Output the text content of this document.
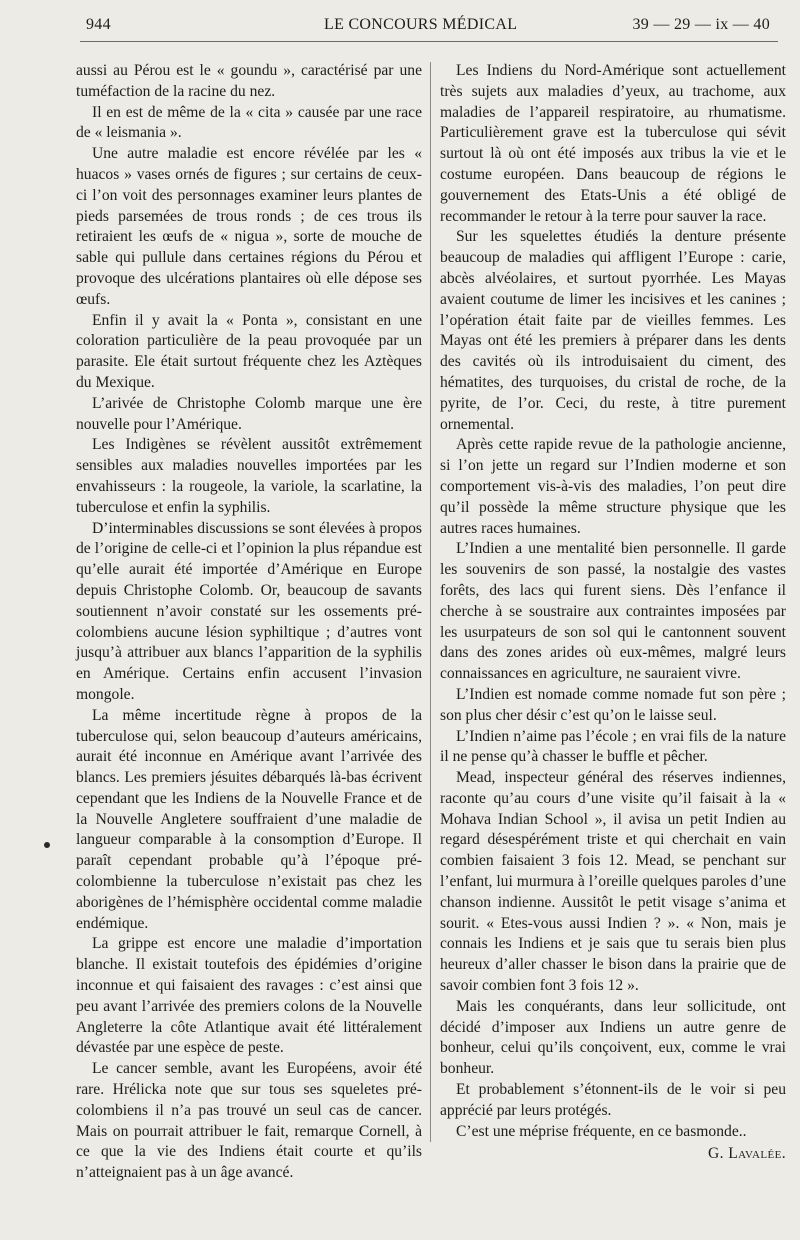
944	LE CONCOURS MÉDICAL	39 — 29 — ix — 40

aussi au Pérou est le « goundu », caractérisé par une tuméfaction de la racine du nez.

Il en est de même de la « cita » causée par une race de « leismania ».

Une autre maladie est encore révélée par les « huacos » vases ornés de figures ; sur certains de ceux-ci l’on voit des personnages examiner leurs plantes de pieds parsemées de trous ronds ; de ces trous ils retiraient les œufs de « nigua », sorte de mouche de sable qui pullule dans certaines régions du Pérou et provoque des ulcérations plantaires où elle dépose ses œufs.

Enfin il y avait la « Ponta », consistant en une coloration particulière de la peau provoquée par un parasite. Ele était surtout fréquente chez les Aztèques du Mexique.

L’arivée de Christophe Colomb marque une ère nouvelle pour l’Amérique.

Les Indigènes se révèlent aussitôt extrêmement sensibles aux maladies nouvelles importées par les envahisseurs : la rougeole, la variole, la scarlatine, la tuberculose et enfin la syphilis.

D’interminables discussions se sont élevées à propos de l’origine de celle-ci et l’opinion la plus répandue est qu’elle aurait été importée d’Amérique en Europe depuis Christophe Colomb. Or, beaucoup de savants soutiennent n’avoir constaté sur les ossements pré-colombiens aucune lésion syphiltique ; d’autres vont jusqu’à attribuer aux blancs l’apparition de la syphilis en Amérique. Certains enfin accusent l’invasion mongole.

La même incertitude règne à propos de la tuberculose qui, selon beaucoup d’auteurs américains, aurait été inconnue en Amérique avant l’arrivée des blancs. Les premiers jésuites débarqués là-bas écrivent cependant que les Indiens de la Nouvelle France et de la Nouvelle Angletere souffraient d’une maladie de langueur comparable à la consomption d’Europe. Il paraît cependant probable qu’à l’époque pré-colombienne la tuberculose n’existait pas chez les aborigènes de l’hémisphère occidental comme maladie endémique.

La grippe est encore une maladie d’importation blanche. Il existait toutefois des épidémies d’origine inconnue et qui faisaient des ravages : c’est ainsi que peu avant l’arrivée des premiers colons de la Nouvelle Angleterre la côte Atlantique avait été littéralement dévastée par une espèce de peste.

Le cancer semble, avant les Européens, avoir été rare. Hrélicka note que sur tous ses squeletes pré-colombiens il n’a pas trouvé un seul cas de cancer. Mais on pourrait attribuer le fait, remarque Cornell, à ce que la vie des Indiens était courte et qu’ils n’atteignaient pas à un âge avancé.

Les Indiens du Nord-Amérique sont actuellement très sujets aux maladies d’yeux, au trachome, aux maladies de l’appareil respiratoire, au rhumatisme. Particulièrement grave est la tuberculose qui sévit surtout là où ont été imposés aux tribus la vie et le costume européen. Dans beaucoup de régions le gouvernement des Etats-Unis a été obligé de recommander le retour à la terre pour sauver la race.

Sur les squelettes étudiés la denture présente beaucoup de maladies qui affligent l’Europe : carie, abcès alvéolaires, et surtout pyorrhée. Les Mayas avaient coutume de limer les incisives et les canines ; l’opération était faite par de vieilles femmes. Les Mayas ont été les premiers à préparer dans les dents des cavités où ils introduisaient du ciment, des hématites, des turquoises, du cristal de roche, de la pyrite, de l’or. Ceci, du reste, à titre purement ornemental.

Après cette rapide revue de la pathologie ancienne, si l’on jette un regard sur l’Indien moderne et son comportement vis-à-vis des maladies, l’on peut dire qu’il possède la même structure physique que les autres races humaines.

L’Indien a une mentalité bien personnelle. Il garde les souvenirs de son passé, la nostalgie des vastes forêts, des lacs qui furent siens. Dès l’enfance il cherche à se soustraire aux contraintes imposées par les usurpateurs de son sol qui le cantonnent souvent dans des zones arides où eux-mêmes, malgré leurs connaissances en agriculture, ne sauraient vivre.

L’Indien est nomade comme nomade fut son père ; son plus cher désir c’est qu’on le laisse seul.

L’Indien n’aime pas l’école ; en vrai fils de la nature il ne pense qu’à chasser le buffle et pêcher.

Mead, inspecteur général des réserves indiennes, raconte qu’au cours d’une visite qu’il faisait à la « Mohava Indian School », il avisa un petit Indien au regard désespérément triste et qui cherchait en vain combien faisaient 3 fois 12. Mead, se penchant sur l’enfant, lui murmura à l’oreille quelques paroles d’une chanson indienne. Aussitôt le petit visage s’anima et sourit. « Etes-vous aussi Indien ? ». « Non, mais je connais les Indiens et je sais que tu serais bien plus heureux d’aller chasser le bison dans la prairie que de savoir combien font 3 fois 12 ».

Mais les conquérants, dans leur sollicitude, ont décidé d’imposer aux Indiens un autre genre de bonheur, celui qu’ils conçoivent, eux, comme le vrai bonheur.

Et probablement s’étonnent-ils de le voir si peu apprécié par leurs protégés.

C’est une méprise fréquente, en ce basmonde..

G. Lavalée.
